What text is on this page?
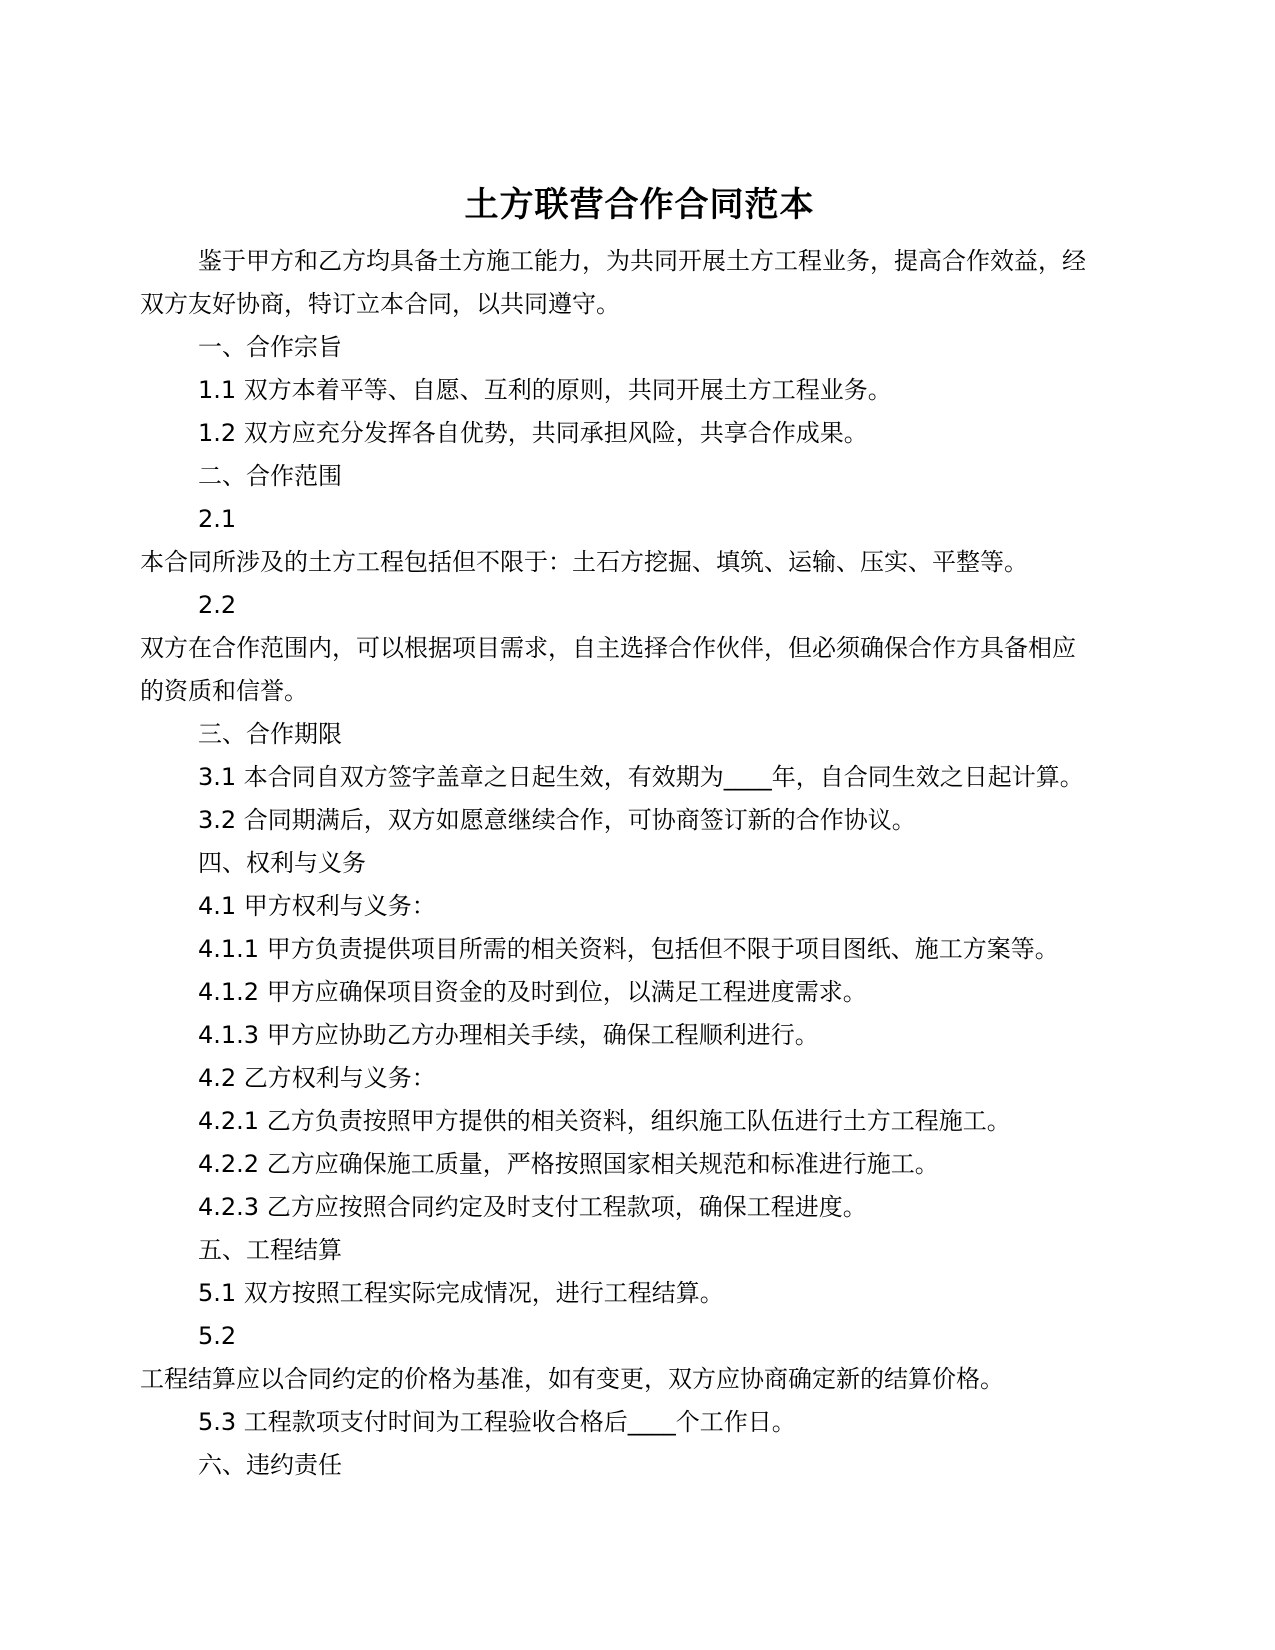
土方联营合作合同范本

鉴于甲方和乙方均具备土方施工能力，为共同开展土方工程业务，提高合作效益，经

双方友好协商，特订立本合同，以共同遵守。

一、合作宗旨

1.1 双方本着平等、自愿、互利的原则，共同开展土方工程业务。

1.2 双方应充分发挥各自优势，共同承担风险，共享合作成果。

二、合作范围

2.1

本合同所涉及的土方工程包括但不限于：土石方挖掘、填筑、运输、压实、平整等。

2.2

双方在合作范围内，可以根据项目需求，自主选择合作伙伴，但必须确保合作方具备相应

的资质和信誉。

三、合作期限

3.1 本合同自双方签字盖章之日起生效，有效期为____年，自合同生效之日起计算。

3.2 合同期满后，双方如愿意继续合作，可协商签订新的合作协议。

四、权利与义务

4.1 甲方权利与义务：

4.1.1 甲方负责提供项目所需的相关资料，包括但不限于项目图纸、施工方案等。

4.1.2 甲方应确保项目资金的及时到位，以满足工程进度需求。

4.1.3 甲方应协助乙方办理相关手续，确保工程顺利进行。

4.2 乙方权利与义务：

4.2.1 乙方负责按照甲方提供的相关资料，组织施工队伍进行土方工程施工。

4.2.2 乙方应确保施工质量，严格按照国家相关规范和标准进行施工。

4.2.3 乙方应按照合同约定及时支付工程款项，确保工程进度。

五、工程结算

5.1 双方按照工程实际完成情况，进行工程结算。

5.2

工程结算应以合同约定的价格为基准，如有变更，双方应协商确定新的结算价格。

5.3 工程款项支付时间为工程验收合格后____个工作日。

六、违约责任
